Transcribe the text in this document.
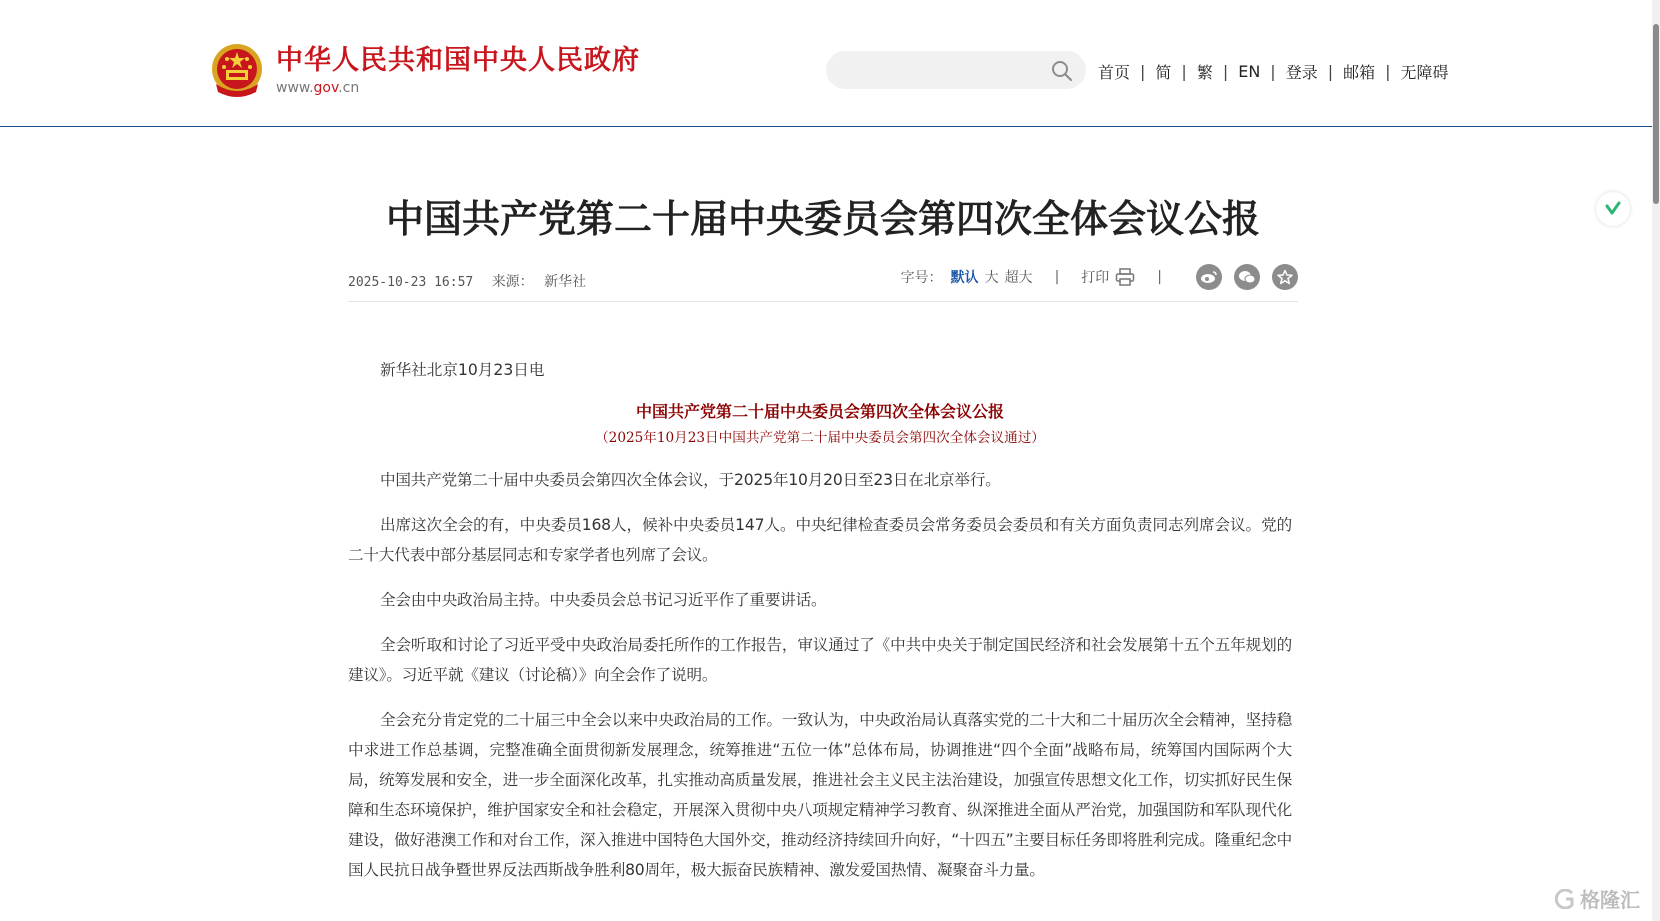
中华人民共和国中央人民政府
www.gov.cn
首页 | 简 | 繁 | EN | 登录 | 邮箱 | 无障碍
中国共产党第二十届中央委员会第四次全体会议公报
2025-10-23 16:57 来源： 新华社	字号： 默认 大 超大 | 打印	|
新华社北京10月23日电
中国共产党第二十届中央委员会第四次全体会议公报
（2025年10月23日中国共产党第二十届中央委员会第四次全体会议通过）

中国共产党第二十届中央委员会第四次全体会议，于2025年10月20日至23日在北京举行。

出席这次全会的有，中央委员168人，候补中央委员147人。中央纪律检查委员会常务委员会委员和有关方面负责同志列席会议。党的二十大代表中部分基层同志和专家学者也列席了会议。

全会由中央政治局主持。中央委员会总书记习近平作了重要讲话。

全会听取和讨论了习近平受中央政治局委托所作的工作报告，审议通过了《中共中央关于制定国民经济和社会发展第十五个五年规划的建议》。习近平就《建议（讨论稿）》向全会作了说明。

全会充分肯定党的二十届三中全会以来中央政治局的工作。一致认为，中央政治局认真落实党的二十大和二十届历次全会精神，坚持稳中求进工作总基调，完整准确全面贯彻新发展理念，统筹推进“五位一体”总体布局，协调推进“四个全面”战略布局，统筹国内国际两个大局，统筹发展和安全，进一步全面深化改革，扎实推动高质量发展，推进社会主义民主法治建设，加强宣传思想文化工作，切实抓好民生保障和生态环境保护，维护国家安全和社会稳定，开展深入贯彻中央八项规定精神学习教育、纵深推进全面从严治党，加强国防和军队现代化建设，做好港澳工作和对台工作，深入推进中国特色大国外交，推动经济持续回升向好，“十四五”主要目标任务即将胜利完成。隆重纪念中国人民抗日战争暨世界反法西斯战争胜利80周年，极大振奋民族精神、激发爱国热情、凝聚奋斗力量。

格隆汇
